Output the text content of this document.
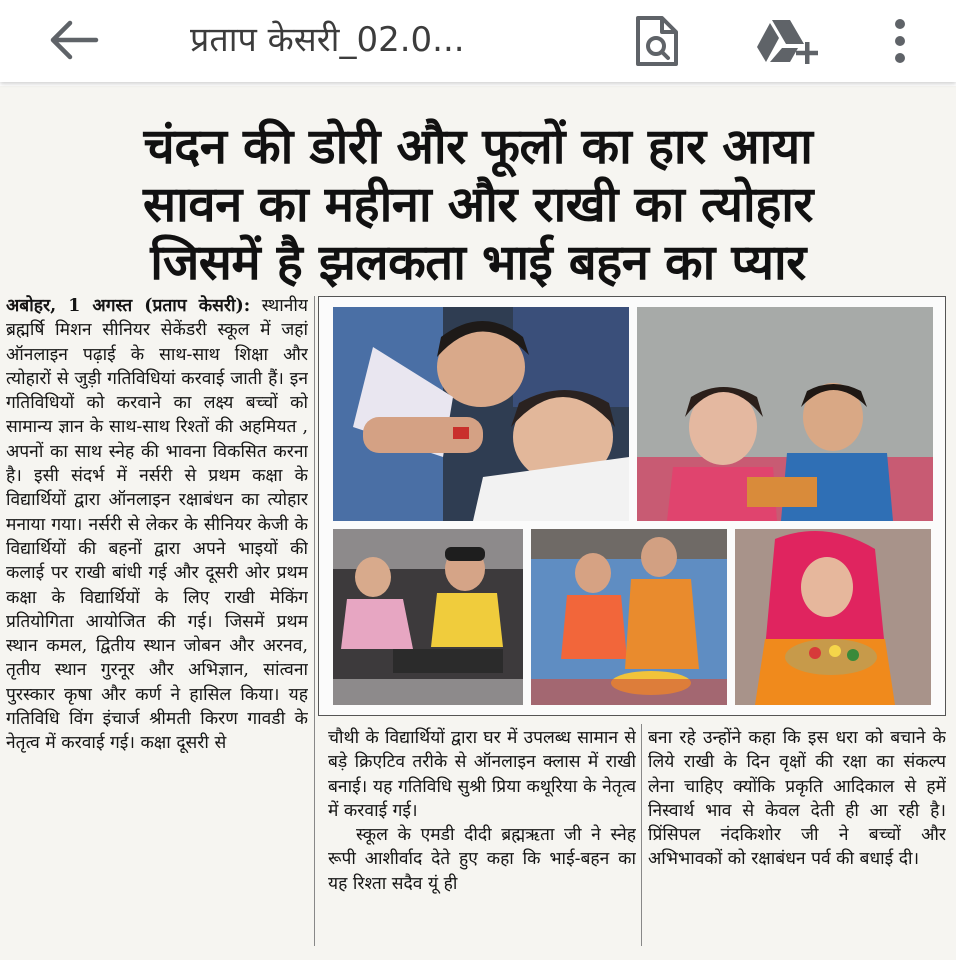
प्रताप केसरी_02.0...
चंदन की डोरी और फूलों का हार आया
सावन का महीना और राखी का त्योहार
जिसमें है झलकता भाई बहन का प्यार

अबोहर, 1 अगस्त (प्रताप केसरी): स्थानीय ब्रह्मर्षि मिशन सीनियर सेकेंडरी स्कूल में जहां ऑनलाइन पढ़ाई के साथ-साथ शिक्षा और त्योहारों से जुड़ी गतिविधियां करवाई जाती हैं। इन गतिविधियों को करवाने का लक्ष्य बच्चों को सामान्य ज्ञान के साथ-साथ रिश्तों की अहमियत , अपनों का साथ स्नेह की भावना विकसित करना है। इसी संदर्भ में नर्सरी से प्रथम कक्षा के विद्यार्थियों द्वारा ऑनलाइन रक्षाबंधन का त्योहार मनाया गया। नर्सरी से लेकर के सीनियर केजी के विद्यार्थियों की बहनों द्वारा अपने भाइयों की कलाई पर राखी बांधी गई और दूसरी ओर प्रथम कक्षा के विद्यार्थियों के लिए राखी मेकिंग प्रतियोगिता आयोजित की गई। जिसमें प्रथम स्थान कमल, द्वितीय स्थान जोबन और अरनव, तृतीय स्थान गुरनूर और अभिज्ञान, सांत्वना पुरस्कार कृषा और कर्ण ने हासिल किया। यह गतिविधि विंग इंचार्ज श्रीमती किरण गावडी के नेतृत्व में करवाई गई। कक्षा दूसरी से	चौथी के विद्यार्थियों द्वारा घर में उपलब्ध सामान से बड़े क्रिएटिव तरीके से ऑनलाइन क्लास में राखी बनाई। यह गतिविधि सुश्री प्रिया कथूरिया के नेतृत्व में करवाई गई।

स्कूल के एमडी दीदी ब्रह्मऋता जी ने स्नेह रूपी आशीर्वाद देते हुए कहा कि भाई-बहन का यह रिश्ता सदैव यूं ही

बना रहे उन्होंने कहा कि इस धरा को बचाने के लिये राखी के दिन वृक्षों की रक्षा का संकल्प लेना चाहिए क्योंकि प्रकृति आदिकाल से हमें निस्वार्थ भाव से केवल देती ही आ रही है। प्रिंसिपल नंदकिशोर जी ने बच्चों और अभिभावकों को रक्षाबंधन पर्व की बधाई दी।
